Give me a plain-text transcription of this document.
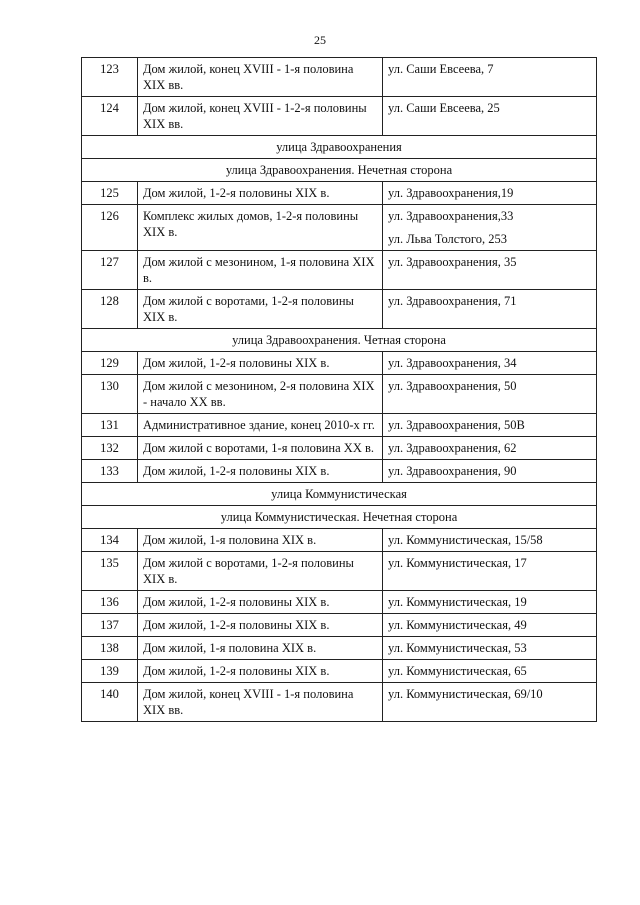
25
123	Дом жилой, конец XVIII - 1-я половина XIX вв.	ул. Саши Евсеева, 7
124	Дом жилой, конец XVIII - 1-2-я половины XIX вв.	ул. Саши Евсеева, 25
улица Здравоохранения		
улица Здравоохранения. Нечетная сторона		
125	Дом жилой, 1-2-я половины XIX в.	ул. Здравоохранения,19
126	Комплекс жилых домов, 1-2-я половины XIX в.	ул. Здравоохранения,33
ул. Льва Толстого, 253

127	Дом жилой с мезонином, 1-я половина XIX в.	ул. Здравоохранения, 35
128	Дом жилой с воротами, 1-2-я половины XIX в.	ул. Здравоохранения, 71
улица Здравоохранения. Четная сторона		
129	Дом жилой, 1-2-я половины XIX в.	ул. Здравоохранения, 34
130	Дом жилой с мезонином, 2-я половина XIX - начало XX вв.	ул. Здравоохранения, 50
131	Административное здание, конец 2010-х гг.	ул. Здравоохранения, 50В
132	Дом жилой с воротами, 1-я половина XX в.	ул. Здравоохранения, 62
133	Дом жилой, 1-2-я половины XIX в.	ул. Здравоохранения, 90
улица Коммунистическая		
улица Коммунистическая. Нечетная сторона		
134	Дом жилой, 1-я половина XIX в.	ул. Коммунистическая, 15/58
135	Дом жилой с воротами, 1-2-я половины XIX в.	ул. Коммунистическая, 17
136	Дом жилой, 1-2-я половины XIX в.	ул. Коммунистическая, 19
137	Дом жилой, 1-2-я половины XIX в.	ул. Коммунистическая, 49
138	Дом жилой, 1-я половина XIX в.	ул. Коммунистическая, 53
139	Дом жилой, 1-2-я половины XIX в.	ул. Коммунистическая, 65
140	Дом жилой, конец XVIII - 1-я половина XIX вв.	ул. Коммунистическая, 69/10
